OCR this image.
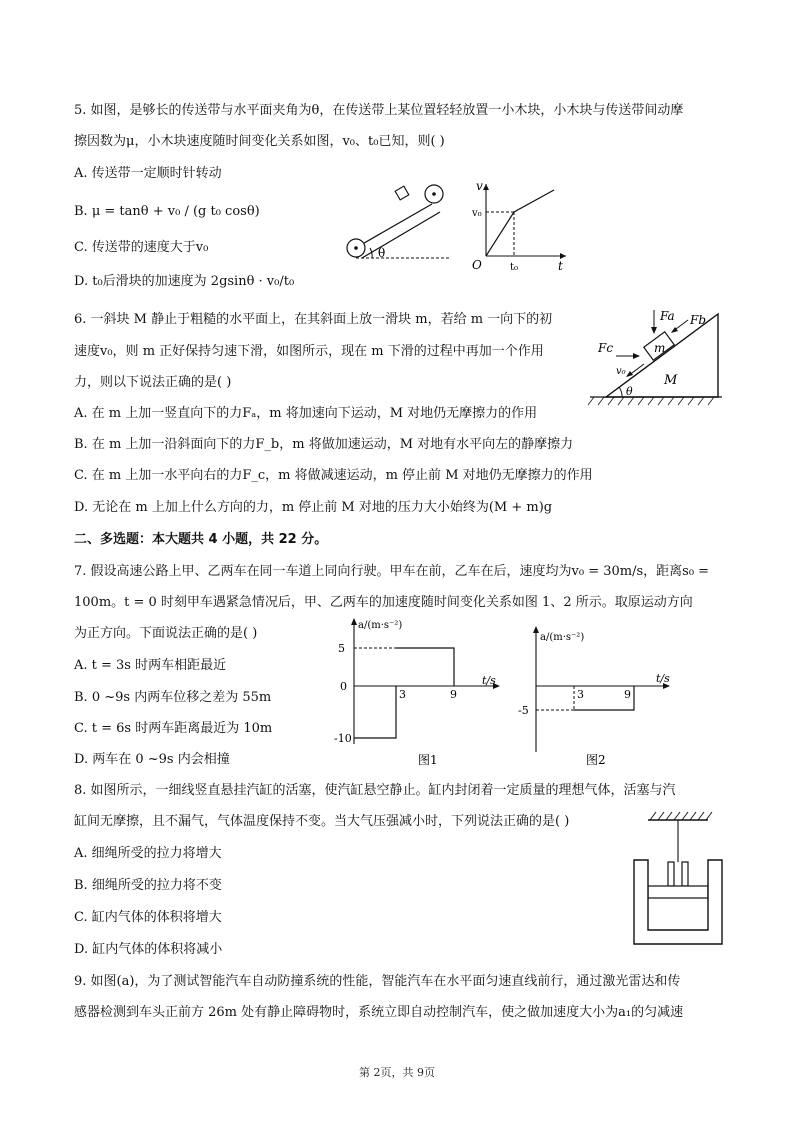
5. 如图，是够长的传送带与水平面夹角为θ，在传送带上某位置轻轻放置一小木块，小木块与传送带间动摩
擦因数为μ，小木块速度随时间变化关系如图，v₀、t₀已知，则( )
A. 传送带一定顺时针转动
B. μ = tanθ + v₀ / (g t₀ cosθ)
C. 传送带的速度大于v₀
D. t₀后滑块的加速度为 2gsinθ · v₀/t₀
θ
v
v₀
O	t₀	t
6. 一斜块 M 静止于粗糙的水平面上，在其斜面上放一滑块 m，若给 m 一向下的初
速度v₀，则 m 正好保持匀速下滑，如图所示，现在 m 下滑的过程中再加一个作用
力，则以下说法正确的是( )
A. 在 m 上加一竖直向下的力Fₐ，m 将加速向下运动，M 对地仍无摩擦力的作用
B. 在 m 上加一沿斜面向下的力F_b，m 将做加速运动，M 对地有水平向左的静摩擦力
C. 在 m 上加一水平向右的力F_c，m 将做减速运动，m 停止前 M 对地仍无摩擦力的作用
D. 无论在 m 上加上什么方向的力，m 停止前 M 对地的压力大小始终为(M + m)g
m
M
Fa Fb
Fc
v₀
θ
二、多选题：本大题共 4 小题，共 22 分。
7. 假设高速公路上甲、乙两车在同一车道上同向行驶。甲车在前，乙车在后，速度均为v₀ = 30m/s，距离s₀ =
100m。t = 0 时刻甲车遇紧急情况后，甲、乙两车的加速度随时间变化关系如图 1、2 所示。取原运动方向
为正方向。下面说法正确的是( )
A. t = 3s 时两车相距最近
B. 0 ~9s 内两车位移之差为 55m
C. t = 6s 时两车距离最近为 10m
D. 两车在 0 ~9s 内会相撞
a/(m·s⁻²)
5
0
-10
3	9
t/s
图1
a/(m·s⁻²)
-5
3	9
t/s
图2
8. 如图所示，一细线竖直悬挂汽缸的活塞，使汽缸悬空静止。缸内封闭着一定质量的理想气体，活塞与汽
缸间无摩擦，且不漏气，气体温度保持不变。当大气压强减小时，下列说法正确的是( )
A. 细绳所受的拉力将增大
B. 细绳所受的拉力将不变
C. 缸内气体的体积将增大
D. 缸内气体的体积将减小
9. 如图(a)，为了测试智能汽车自动防撞系统的性能，智能汽车在水平面匀速直线前行，通过激光雷达和传
感器检测到车头正前方 26m 处有静止障碍物时，系统立即自动控制汽车，使之做加速度大小为a₁的匀减速
第 2页，共 9页
